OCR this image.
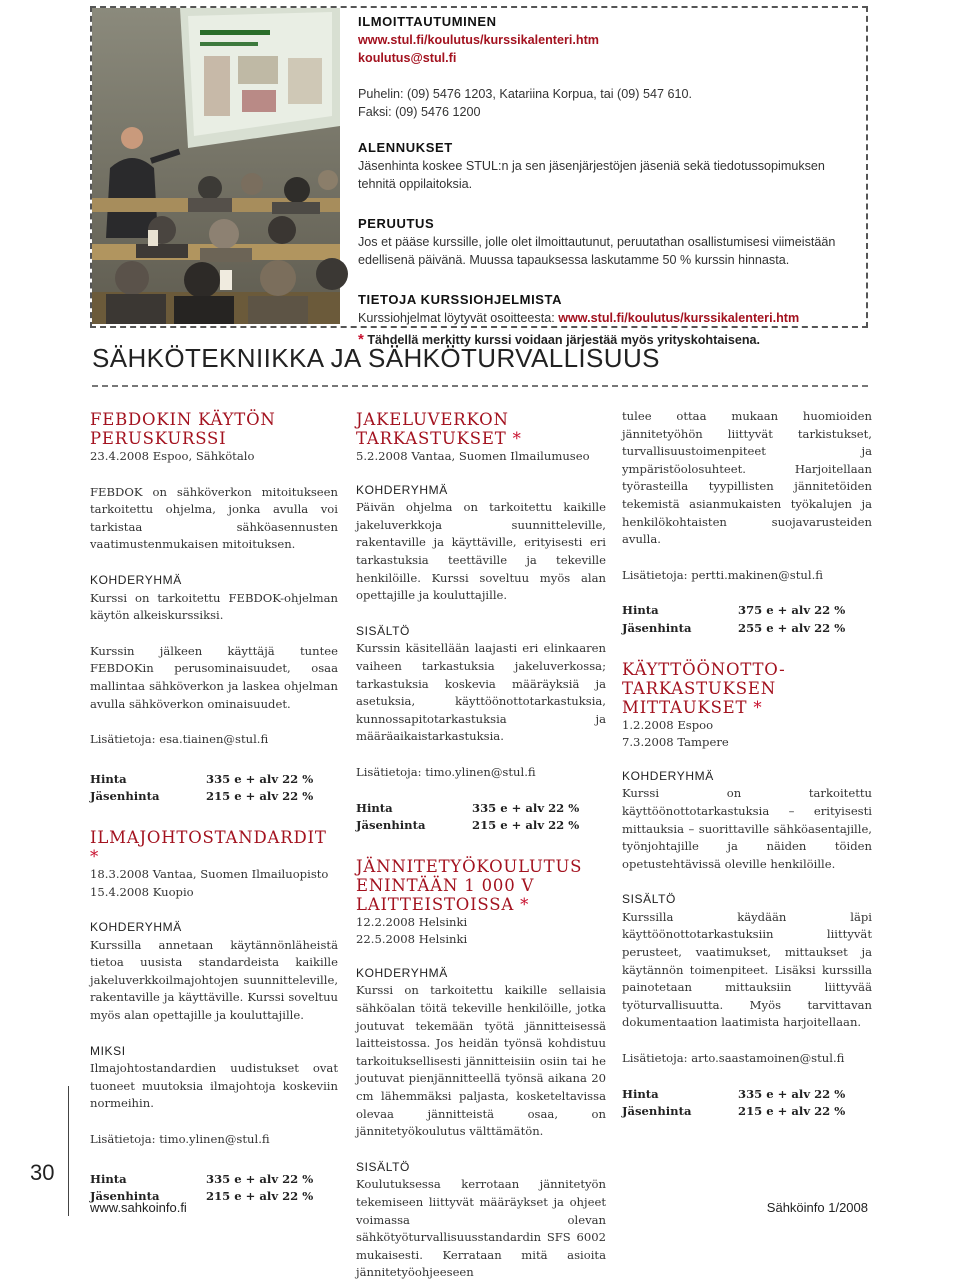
ILMOITTAUTUMINEN
www.stul.fi/koulutus/kurssikalenteri.htm
koulutus@stul.fi
Puhelin: (09) 5476 1203, Katariina Korpua, tai (09) 547 610.
Faksi: (09) 5476 1200
ALENNUKSET
Jäsenhinta koskee STUL:n ja sen jäsenjärjestöjen jäseniä sekä tiedotussopimuksen tehnitä oppilaitoksia.
PERUUTUS
Jos et pääse kurssille, jolle olet ilmoittautunut, peruutathan osallistumisesi viimeistään edellisenä päivänä. Muussa tapauksessa laskutamme 50 % kurssin hinnasta.
TIETOJA KURSSIOHJELMISTA
Kurssiohjelmat löytyvät osoitteesta: www.stul.fi/koulutus/kurssikalenteri.htm
* Tähdellä merkitty kurssi voidaan järjestää myös yrityskohtaisena.
SÄHKÖTEKNIIKKA JA SÄHKÖTURVALLISUUS
FEBDOKIN KÄYTÖN PERUSKURSSI
23.4.2008 Espoo, Sähkötalo

FEBDOK on sähköverkon mitoitukseen tarkoitettu ohjelma, jonka avulla voi tarkistaa sähköasennusten vaatimustenmukaisen mitoituksen.

KOHDERYHMÄ

Kurssi on tarkoitettu FEBDOK-ohjelman käytön alkeiskurssiksi.

Kurssin jälkeen käyttäjä tuntee FEBDOKin perusominaisuudet, osaa mallintaa sähköverkon ja laskea ohjelman avulla sähköverkon ominaisuudet.

Lisätietoja: esa.tiainen@stul.fi
Hinta	335 e + alv 22 %
Jäsenhinta	215 e + alv 22 %
ILMAJOHTOSTANDARDIT *
18.3.2008 Vantaa, Suomen Ilmailuopisto
15.4.2008 Kuopio
KOHDERYHMÄ

Kurssilla annetaan käytännönläheistä tietoa uusista standardeista kaikille jakeluverkkoilmajohtojen suunnitteleville, rakentaville ja käyttäville. Kurssi soveltuu myös alan opettajille ja kouluttajille.

MIKSI

Ilmajohtostandardien uudistukset ovat tuoneet muutoksia ilmajohtoja koskeviin normeihin.

Lisätietoja: timo.ylinen@stul.fi
Hinta	335 e + alv 22 %
Jäsenhinta	215 e + alv 22 %
JAKELUVERKON TARKASTUKSET *
5.2.2008 Vantaa, Suomen Ilmailumuseo
KOHDERYHMÄ

Päivän ohjelma on tarkoitettu kaikille jakeluverkkoja suunnitteleville, rakentaville ja käyttäville, erityisesti eri tarkastuksia teettäville ja tekeville henkilöille. Kurssi soveltuu myös alan opettajille ja kouluttajille.

SISÄLTÖ

Kurssin käsitellään laajasti eri elinkaaren vaiheen tarkastuksia jakeluverkossa; tarkastuksia koskevia määräyksiä ja asetuksia, käyttöönottotarkastuksia, kunnossapitotarkastuksia ja määräaikaistarkastuksia.

Lisätietoja: timo.ylinen@stul.fi
Hinta	335 e + alv 22 %
Jäsenhinta	215 e + alv 22 %
JÄNNITETYÖKOULUTUS ENINTÄÄN 1 000 V LAITTEISTOISSA *
12.2.2008 Helsinki
22.5.2008 Helsinki
KOHDERYHMÄ

Kurssi on tarkoitettu kaikille sellaisia sähköalan töitä tekeville henkilöille, jotka joutuvat tekemään työtä jännitteisessä laitteistossa. Jos heidän työnsä kohdistuu tarkoituksellisesti jännitteisiin osiin tai he joutuvat pienjännitteellä työnsä aikana 20 cm lähemmäksi paljasta, kosketeltavissa olevaa jännitteistä osaa, on jännitetyökoulutus välttämätön.

SISÄLTÖ

Koulutuksessa kerrotaan jännitetyön tekemiseen liittyvät määräykset ja ohjeet voimassa olevan sähkötyöturvallisuusstandardin SFS 6002 mukaisesti. Kerrataan mitä asioita jännitetyöohjeeseen

tulee ottaa mukaan huomioiden jännitetyöhön liittyvät tarkistukset, turvallisuustoimenpiteet ja ympäristöolosuhteet. Harjoitellaan työrasteilla tyypillisten jännitetöiden tekemistä asianmukaisten työkalujen ja henkilökohtaisten suojavarusteiden avulla.

Lisätietoja: pertti.makinen@stul.fi
Hinta	375 e + alv 22 %
Jäsenhinta	255 e + alv 22 %
KÄYTTÖÖNOTTO-TARKASTUKSEN MITTAUKSET *
1.2.2008 Espoo
7.3.2008 Tampere
KOHDERYHMÄ

Kurssi on tarkoitettu käyttöönottotarkastuksia – erityisesti mittauksia – suorittaville sähköasentajille, työnjohtajille ja näiden töiden opetustehtävissä oleville henkilöille.

SISÄLTÖ

Kurssilla käydään läpi käyttöönottotarkastuksiin liittyvät perusteet, vaatimukset, mittaukset ja käytännön toimenpiteet. Lisäksi kurssilla painotetaan mittauksiin liittyvää työturvallisuutta. Myös tarvittavan dokumentaation laatimista harjoitellaan.

Lisätietoja: arto.saastamoinen@stul.fi
Hinta	335 e + alv 22 %
Jäsenhinta	215 e + alv 22 %
30
www.sahkoinfo.fi	Sähköinfo 1/2008
